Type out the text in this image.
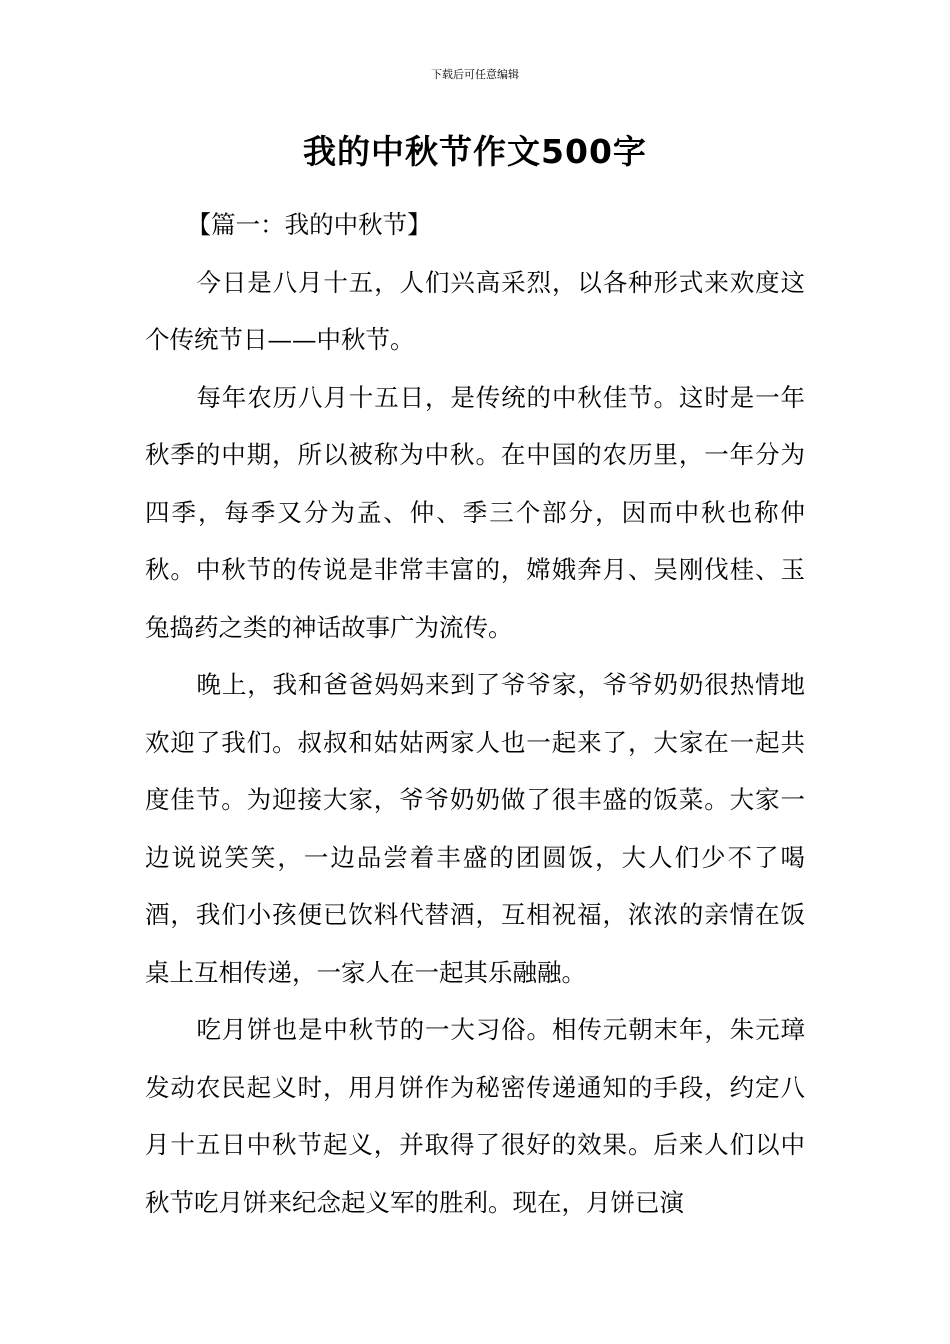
下载后可任意编辑
我的中秋节作文500字

【篇一：我的中秋节】

今日是八月十五，人们兴高采烈，以各种形式来欢度这个传统节日——中秋节。

每年农历八月十五日，是传统的中秋佳节。这时是一年秋季的中期，所以被称为中秋。在中国的农历里，一年分为四季，每季又分为孟、仲、季三个部分，因而中秋也称仲秋。中秋节的传说是非常丰富的，嫦娥奔月、吴刚伐桂、玉兔捣药之类的神话故事广为流传。

晚上，我和爸爸妈妈来到了爷爷家，爷爷奶奶很热情地欢迎了我们。叔叔和姑姑两家人也一起来了，大家在一起共度佳节。为迎接大家，爷爷奶奶做了很丰盛的饭菜。大家一边说说笑笑，一边品尝着丰盛的团圆饭，大人们少不了喝酒，我们小孩便已饮料代替酒，互相祝福，浓浓的亲情在饭桌上互相传递，一家人在一起其乐融融。

吃月饼也是中秋节的一大习俗。相传元朝末年，朱元璋发动农民起义时，用月饼作为秘密传递通知的手段，约定八月十五日中秋节起义，并取得了很好的效果。后来人们以中秋节吃月饼来纪念起义军的胜利。现在，月饼已演
